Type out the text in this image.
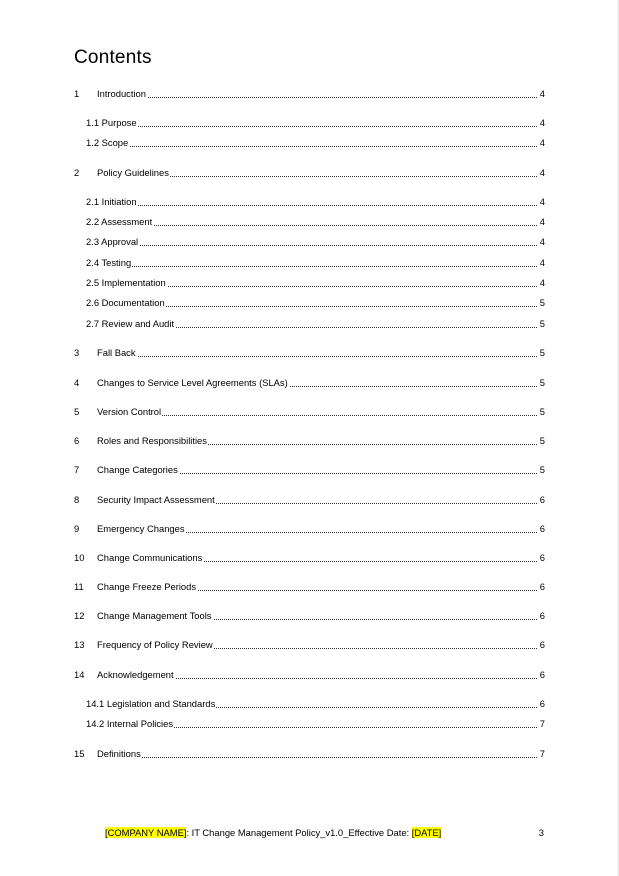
Contents
1 Introduction	4
1.1 Purpose	4
1.2 Scope	4
2 Policy Guidelines	4
2.1 Initiation	4
2.2 Assessment	4
2.3 Approval	4
2.4 Testing	4
2.5 Implementation	4
2.6 Documentation	5
2.7 Review and Audit	5
3 Fall Back	5
4 Changes to Service Level Agreements (SLAs)	5
5 Version Control	5
6 Roles and Responsibilities	5
7 Change Categories	5
8 Security Impact Assessment	6
9 Emergency Changes	6
10 Change Communications	6
11 Change Freeze Periods	6
12 Change Management Tools	6
13 Frequency of Policy Review	6
14 Acknowledgement	6
14.1 Legislation and Standards	6
14.2 Internal Policies	7
15 Definitions	7
[COMPANY NAME]: IT Change Management Policy_v1.0_Effective Date: [DATE]	3
